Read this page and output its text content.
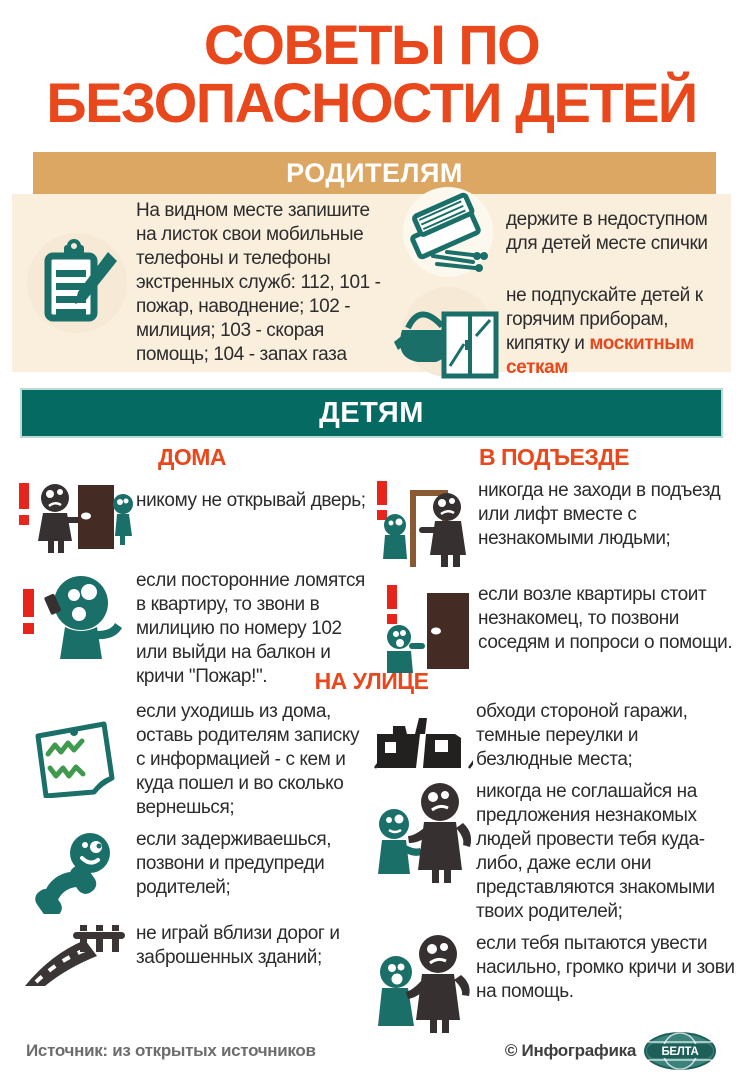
СОВЕТЫ ПО
БЕЗОПАСНОСТИ ДЕТЕЙ
РОДИТЕЛЯМ

На видном месте запишите на листок свои мобильные телефоны и телефоны экстренных служб: 112, 101 - пожар, наводнение; 102 - милиция; 103 - скорая помощь; 104 - запах газа

держите в недоступном для детей месте спички

не подпускайте детей к горячим приборам, кипятку и москитным сеткам

ДЕТЯМ
ДОМА

никому не открывай дверь;

если посторонние ломятся в квартиру, то звони в милицию по номеру 102 или выйди на балкон и кричи "Пожар!".

В ПОДЪЕЗДЕ

никогда не заходи в подъезд или лифт вместе с незнакомыми людьми;

если возле квартиры стоит незнакомец, то позвони соседям и попроси о помощи.

НА УЛИЦЕ

если уходишь из дома, оставь родителям записку с информацией - с кем и куда пошел и во сколько вернешься;

если задерживаешься, позвони и предупреди родителей;

не играй вблизи дорог и заброшенных зданий;

обходи стороной гаражи, темные переулки и безлюдные места;

никогда не соглашайся на предложения незнакомых людей провести тебя куда-либо, даже если они представляются знакомыми твоих родителей;

если тебя пытаются увести насильно, громко кричи и зови на помощь.

Источник: из открытых источников	© Инфографика БЕЛТА
